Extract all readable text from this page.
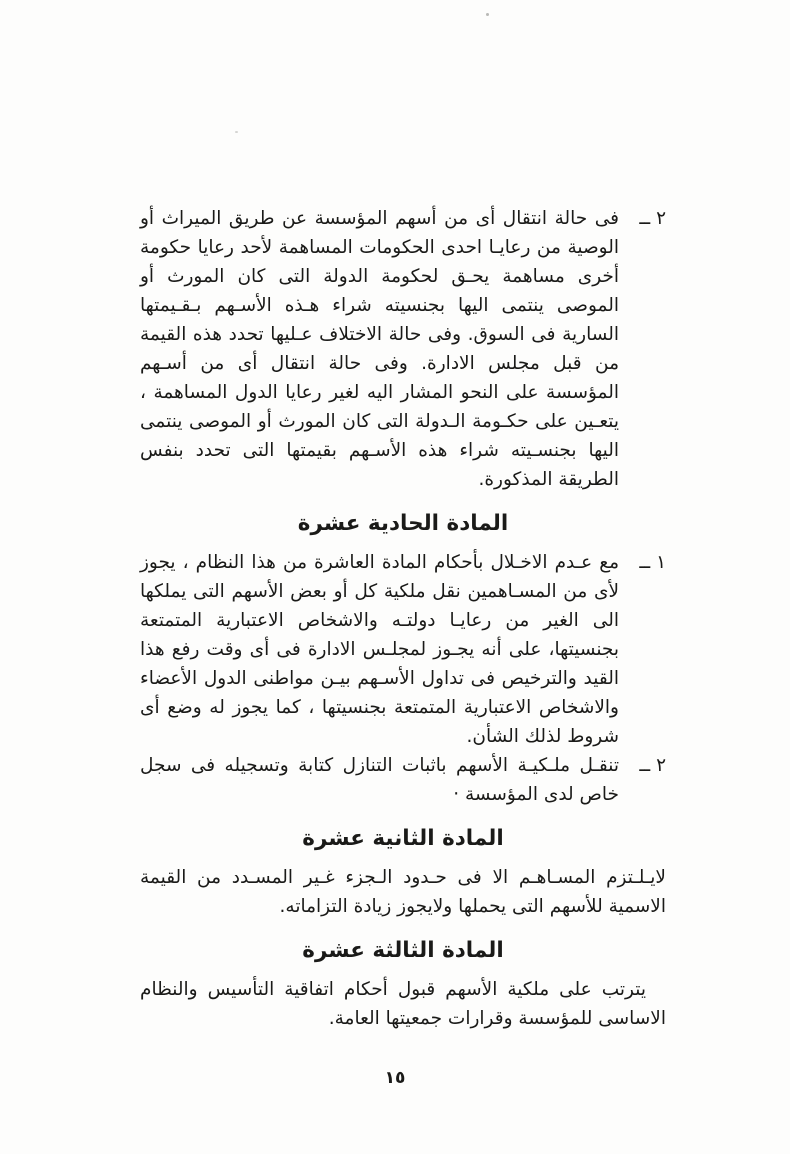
٢ ــ

فى حالة انتقال أى من أسهم المؤسسة عن طريق الميراث أو الوصية من رعايـا احدى الحكومات المساهمة لأحد رعايا حكومة أخرى مساهمة يحـق لحكومة الدولة التى كان المورث أو الموصى ينتمى اليها بجنسيته شراء هـذه الأسـهم بـقـيمتها السارية فى السوق. وفى حالة الاختلاف عـليها تحدد هذه القيمة من قبل مجلس الادارة. وفى حالة انتقال أى من أسـهم المؤسسة على النحو المشار اليه لغير رعايا الدول المساهمة ، يتعـين على حكـومة الـدولة التى كان المورث أو الموصى ينتمى اليها بجنسـيته شراء هذه الأسـهم بقيمتها التى تحدد بنفس الطريقة المذكورة.

المادة الحادية عشرة
١ ــ

مع عـدم الاخـلال بأحكام المادة العاشرة من هذا النظام ، يجوز لأى من المسـاهمين نقل ملكية كل أو بعض الأسهم التى يملكها الى الغير من رعايـا دولتـه والاشخاص الاعتبارية المتمتعة بجنسيتها، على أنه يجـوز لمجلـس الادارة فى أى وقت رفع هذا القيد والترخيص فى تداول الأسـهم بيـن مواطنى الدول الأعضاء والاشخاص الاعتبارية المتمتعة بجنسيتها ، كما يجوز له وضع أى شروط لذلك الشأن.

٢ ــ

تنقـل ملـكيـة الأسهم باثبات التنازل كتابة وتسجيله فى سجل خاص لدى المؤسسة ·

المادة الثانية عشرة

لايـلـتزم المسـاهـم الا فى حـدود الـجزء غـير المسـدد من القيمة الاسمية للأسهم التى يحملها ولايجوز زيادة التزاماته.

المادة الثالثة عشرة

يترتب على ملكية الأسهم قبول أحكام اتفاقية التأسيس والنظام الاساسى للمؤسسة وقرارات جمعيتها العامة.

١٥
